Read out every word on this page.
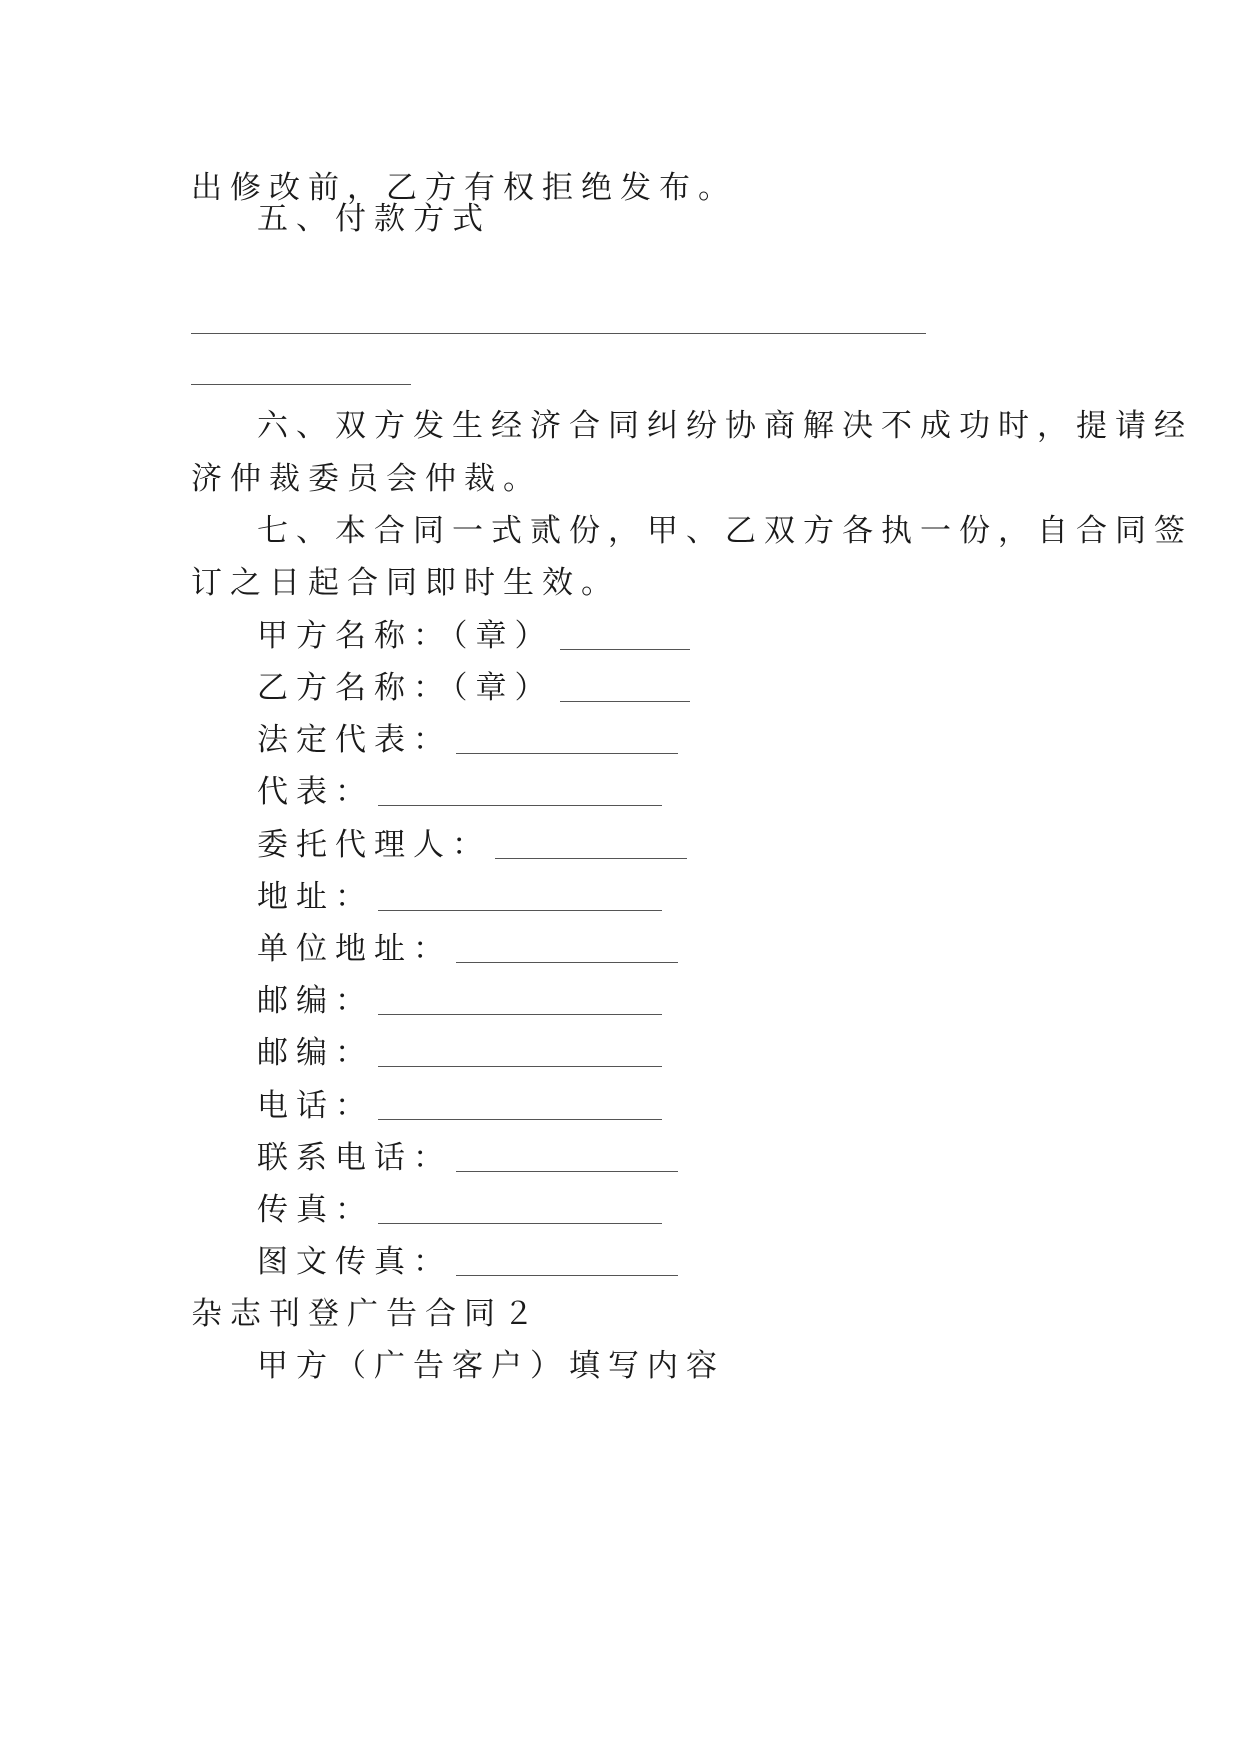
出修改前，乙方有权拒绝发布。
五、付款方式
六、双方发生经济合同纠纷协商解决不成功时，提请经
济仲裁委员会仲裁。
七、本合同一式贰份，甲、乙双方各执一份，自合同签
订之日起合同即时生效。
甲方名称：（章）
乙方名称：（章）
法定代表：
代表：
委托代理人：
地址：
单位地址：
邮编：
邮编：
电话：
联系电话：
传真：
图文传真：
杂志刊登广告合同２
甲方（广告客户）填写内容
